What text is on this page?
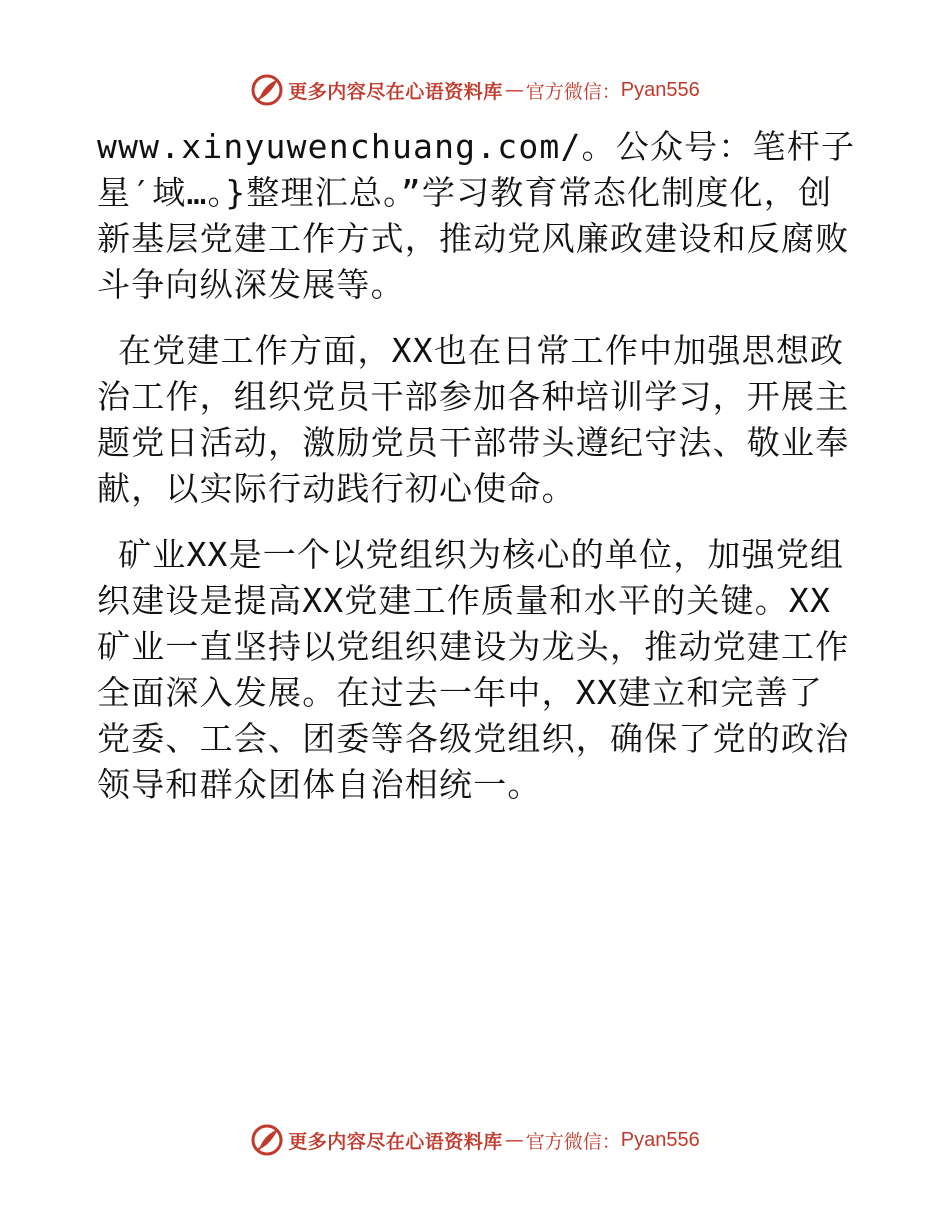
更多内容尽在心语资料库 — 官方微信： Pyan556

www.xinyuwenchuang.com/。公众号：笔杆子星′域…。}整理汇总。”学习教育常态化制度化，创新基层党建工作方式，推动党风廉政建设和反腐败斗争向纵深发展等。

在党建工作方面，XX也在日常工作中加强思想政治工作，组织党员干部参加各种培训学习，开展主题党日活动，激励党员干部带头遵纪守法、敬业奉献，以实际行动践行初心使命。

矿业XX是一个以党组织为核心的单位，加强党组织建设是提高XX党建工作质量和水平的关键。XX矿业一直坚持以党组织建设为龙头，推动党建工作全面深入发展。在过去一年中，XX建立和完善了党委、工会、团委等各级党组织，确保了党的政治领导和群众团体自治相统一。

更多内容尽在心语资料库 — 官方微信： Pyan556
